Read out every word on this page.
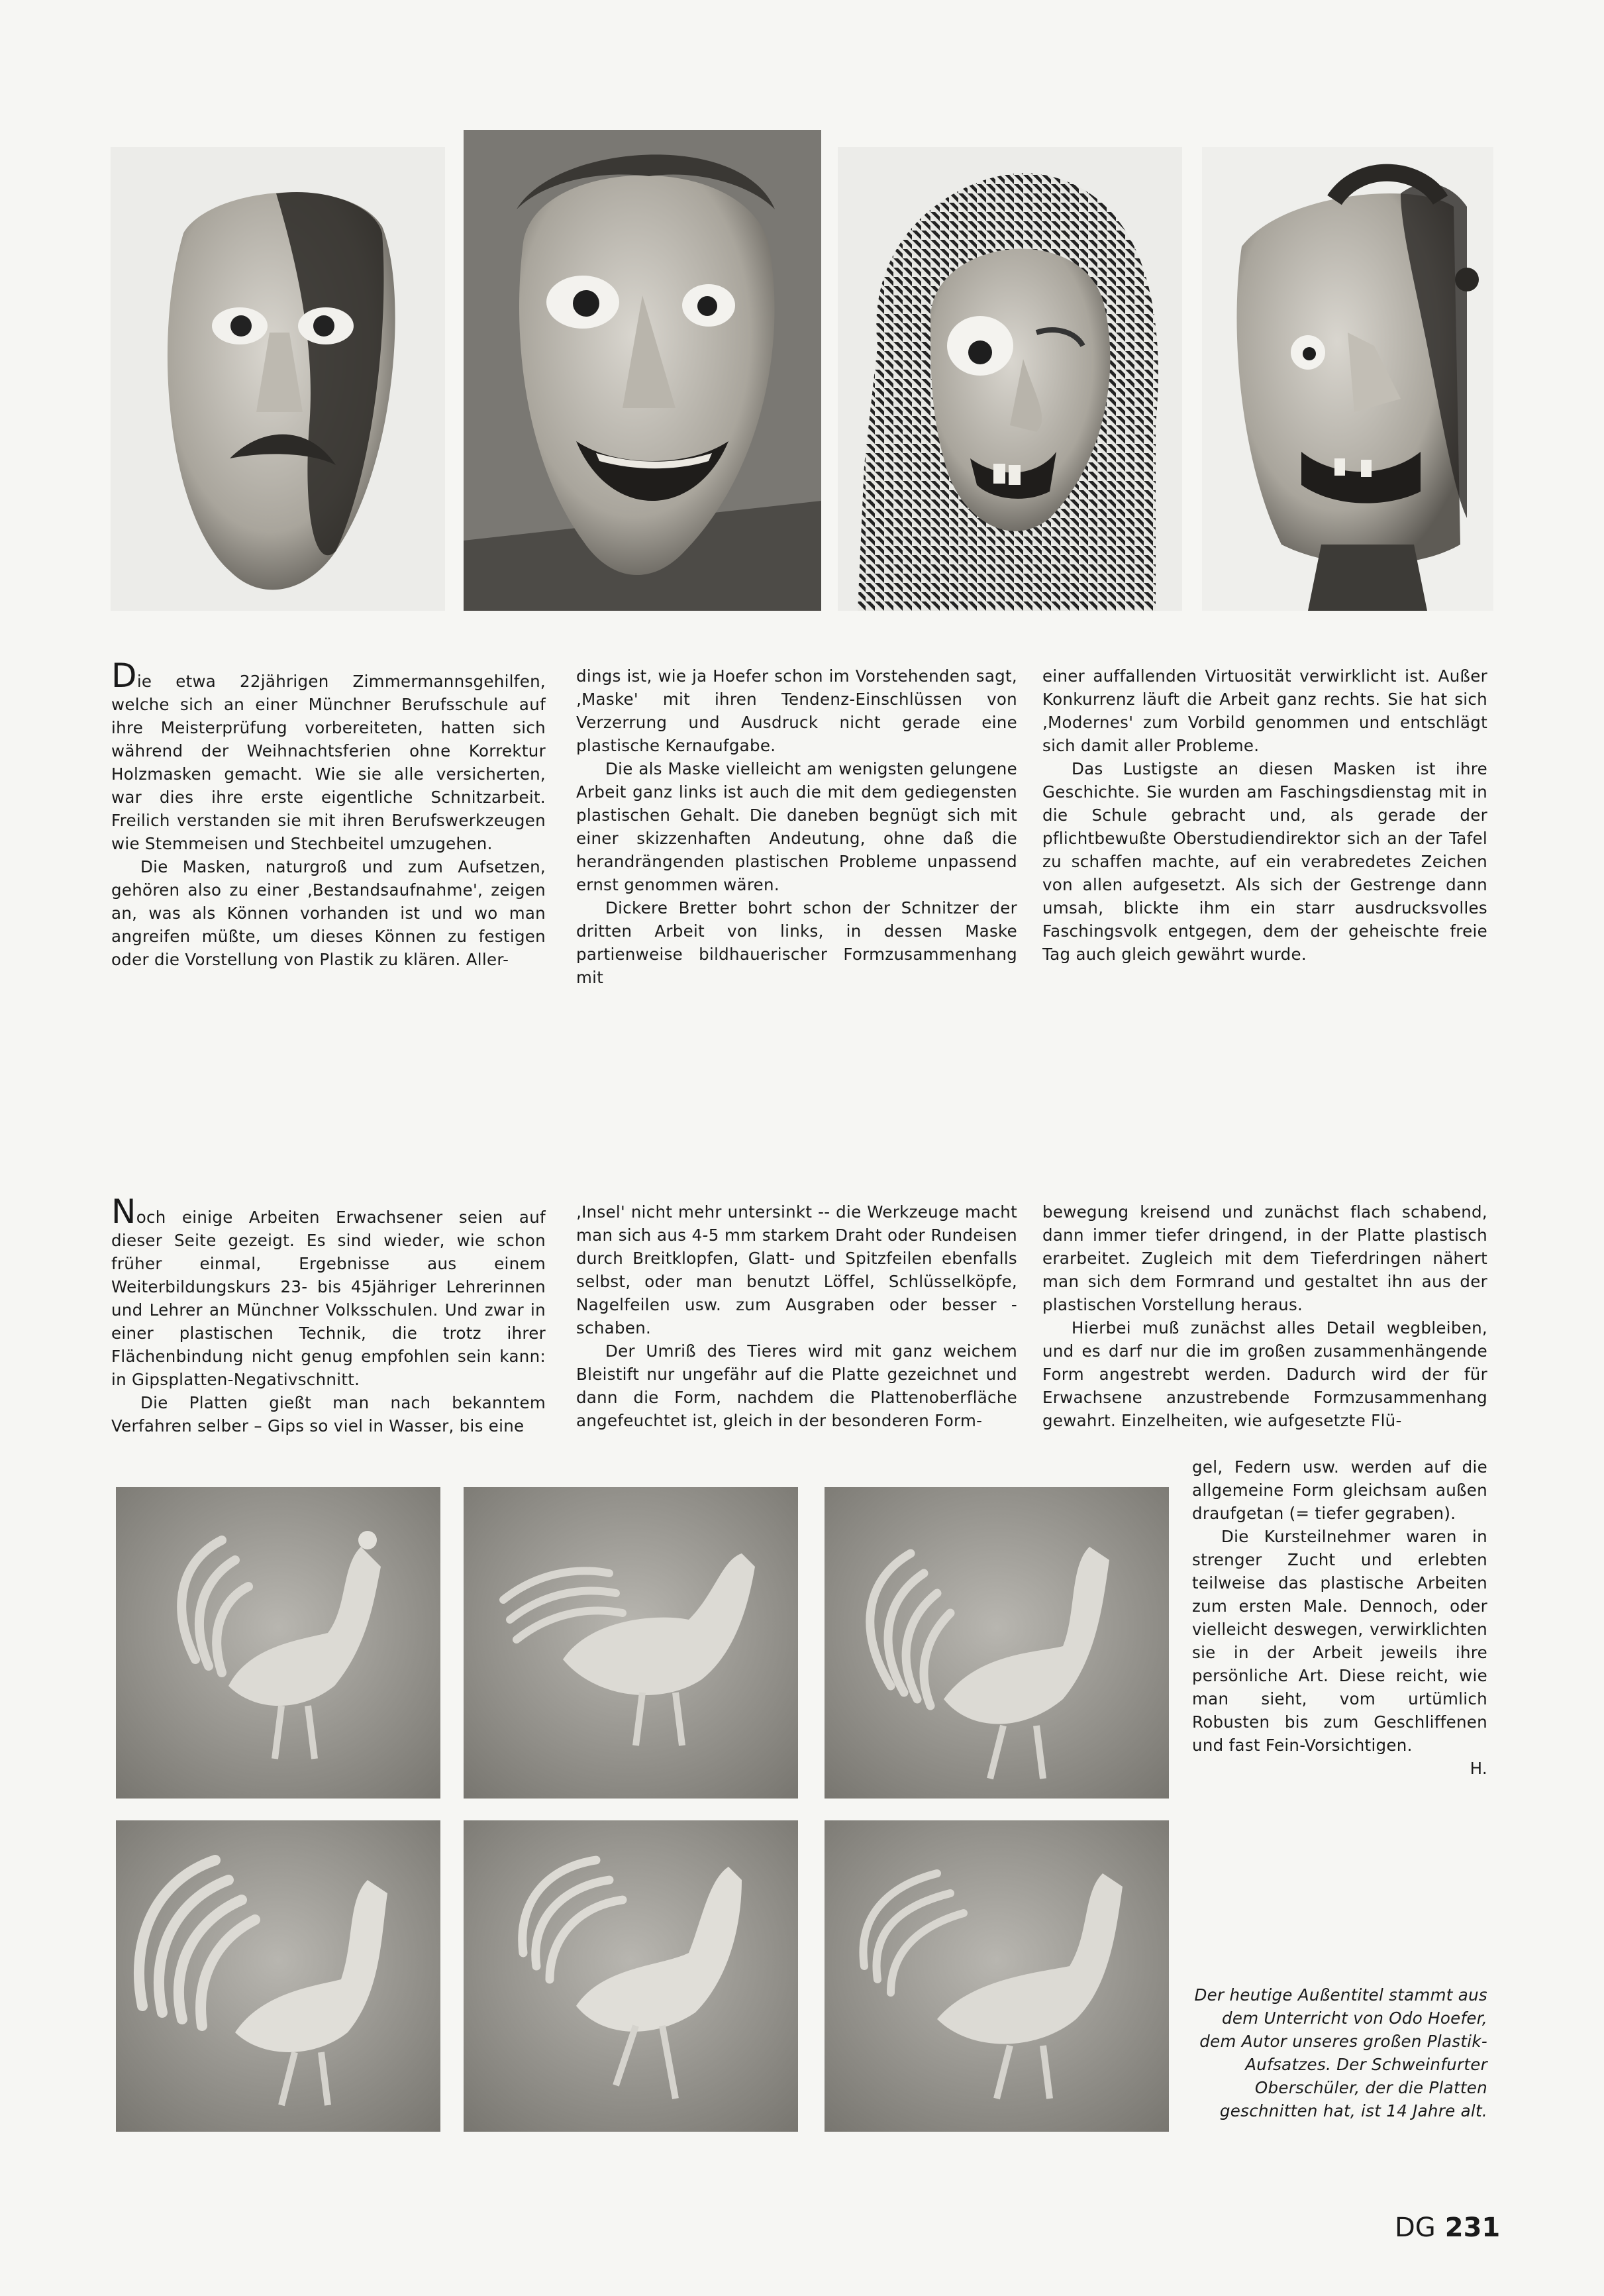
Die etwa 22jährigen Zimmermannsgehilfen, welche sich an einer Münchner Berufsschule auf ihre Meisterprüfung vorbereiteten, hatten sich während der Weihnachtsferien ohne Korrektur Holzmasken gemacht. Wie sie alle versicherten, war dies ihre erste eigentliche Schnitzarbeit. Freilich verstanden sie mit ihren Berufswerkzeugen wie Stemmeisen und Stechbeitel umzugehen.

Die Masken, naturgroß und zum Aufsetzen, gehören also zu einer ‚Bestandsaufnahme', zeigen an, was als Können vorhanden ist und wo man angreifen müßte, um dieses Können zu festigen oder die Vorstellung von Plastik zu klären. Aller-

dings ist, wie ja Hoefer schon im Vorstehenden sagt, ‚Maske' mit ihren Tendenz-Einschlüssen von Verzerrung und Ausdruck nicht gerade eine plastische Kernaufgabe.

Die als Maske vielleicht am wenigsten gelungene Arbeit ganz links ist auch die mit dem gediegensten plastischen Gehalt. Die daneben begnügt sich mit einer skizzenhaften Andeutung, ohne daß die herandrängenden plastischen Probleme unpassend ernst genommen wären.

Dickere Bretter bohrt schon der Schnitzer der dritten Arbeit von links, in dessen Maske partienweise bildhauerischer Formzusammenhang mit

einer auffallenden Virtuosität verwirklicht ist. Außer Konkurrenz läuft die Arbeit ganz rechts. Sie hat sich ‚Modernes' zum Vorbild genommen und entschlägt sich damit aller Probleme.

Das Lustigste an diesen Masken ist ihre Geschichte. Sie wurden am Faschingsdienstag mit in die Schule gebracht und, als gerade der pflichtbewußte Oberstudiendirektor sich an der Tafel zu schaffen machte, auf ein verabredetes Zeichen von allen aufgesetzt. Als sich der Gestrenge dann umsah, blickte ihm ein starr ausdrucksvolles Faschingsvolk entgegen, dem der geheischte freie Tag auch gleich gewährt wurde.

Noch einige Arbeiten Erwachsener seien auf dieser Seite gezeigt. Es sind wieder, wie schon früher einmal, Ergebnisse aus einem Weiterbildungskurs 23- bis 45jähriger Lehrerinnen und Lehrer an Münchner Volksschulen. Und zwar in einer plastischen Technik, die trotz ihrer Flächenbindung nicht genug empfohlen sein kann: in Gipsplatten-Negativschnitt.

Die Platten gießt man nach bekanntem Verfahren selber – Gips so viel in Wasser, bis eine

‚Insel' nicht mehr untersinkt -- die Werkzeuge macht man sich aus 4-5 mm starkem Draht oder Rundeisen durch Breitklopfen, Glatt- und Spitzfeilen ebenfalls selbst, oder man benutzt Löffel, Schlüsselköpfe, Nagelfeilen usw. zum Ausgraben oder besser -schaben.

Der Umriß des Tieres wird mit ganz weichem Bleistift nur ungefähr auf die Platte gezeichnet und dann die Form, nachdem die Plattenoberfläche angefeuchtet ist, gleich in der besonderen Form-

bewegung kreisend und zunächst flach schabend, dann immer tiefer dringend, in der Platte plastisch erarbeitet. Zugleich mit dem Tieferdringen nähert man sich dem Formrand und gestaltet ihn aus der plastischen Vorstellung heraus.

Hierbei muß zunächst alles Detail wegbleiben, und es darf nur die im großen zusammenhängende Form angestrebt werden. Dadurch wird der für Erwachsene anzustrebende Formzusammenhang gewahrt. Einzelheiten, wie aufgesetzte Flü-

gel, Federn usw. werden auf die allgemeine Form gleichsam außen draufgetan (= tiefer gegraben).

Die Kursteilnehmer waren in strenger Zucht und erlebten teilweise das plastische Arbeiten zum ersten Male. Dennoch, oder vielleicht deswegen, verwirklichten sie in der Arbeit jeweils ihre persönliche Art. Diese reicht, wie man sieht, vom urtümlich Robusten bis zum Geschliffenen und fast Fein-Vorsichtigen.

H.

Der heutige Außentitel stammt aus dem Unterricht von Odo Hoefer, dem Autor unseres großen Plastik-Aufsatzes. Der Schweinfurter Oberschüler, der die Platten geschnitten hat, ist 14 Jahre alt.
DG 231
